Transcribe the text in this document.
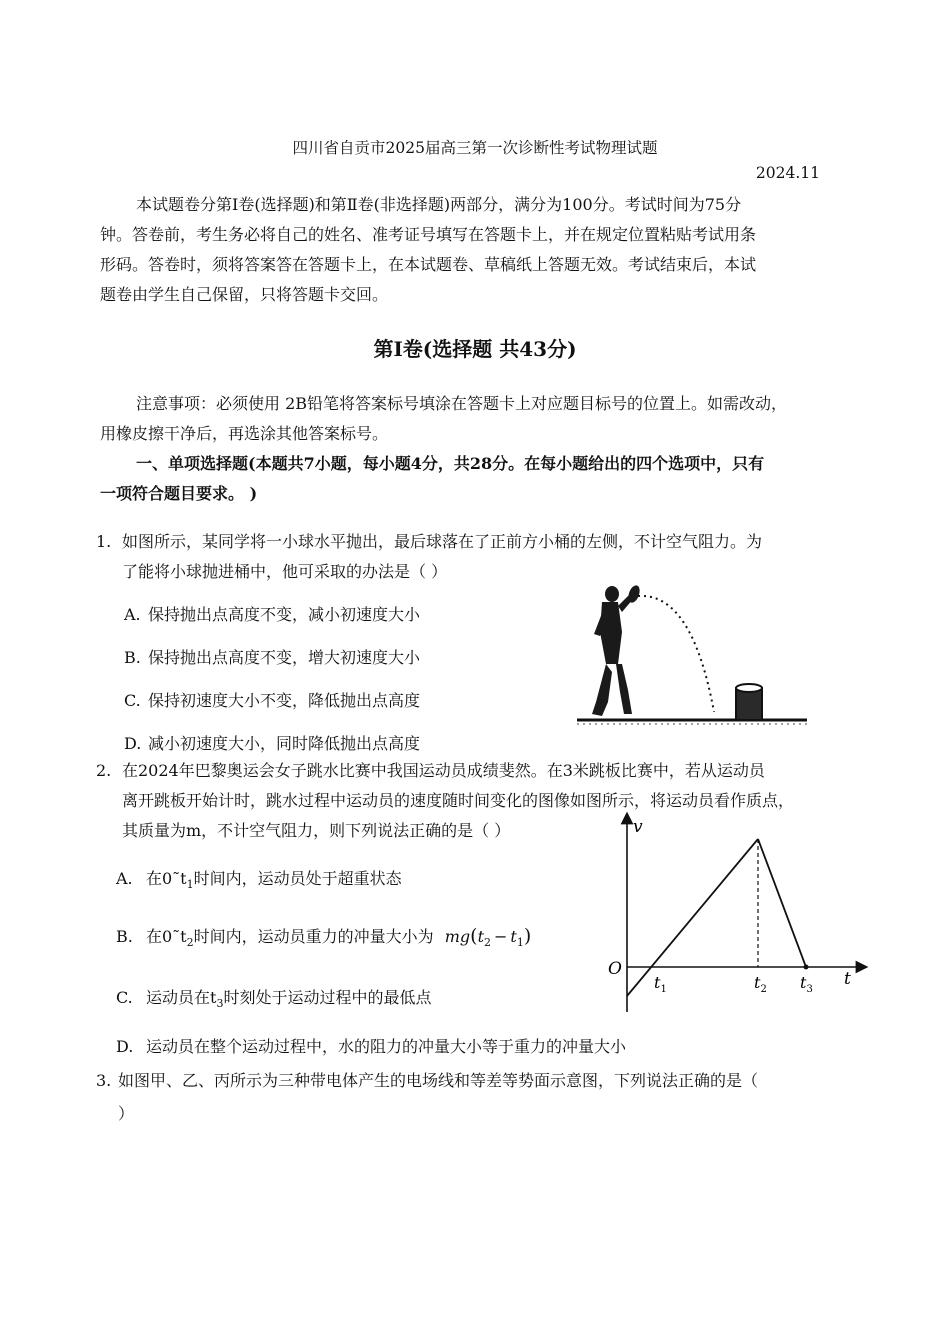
四川省自贡市2025届高三第一次诊断性考试物理试题
2024.11
本试题卷分第Ⅰ卷(选择题)和第Ⅱ卷(非选择题)两部分，满分为100分。考试时间为75分
钟。答卷前，考生务必将自己的姓名、准考证号填写在答题卡上，并在规定位置粘贴考试用条
形码。答卷时，须将答案答在答题卡上，在本试题卷、草稿纸上答题无效。考试结束后，本试
题卷由学生自己保留，只将答题卡交回。
第Ⅰ卷(选择题 共43分)
注意事项：必须使用 2B铅笔将答案标号填涂在答题卡上对应题目标号的位置上。如需改动，
用橡皮擦干净后，再选涂其他答案标号。
一、单项选择题(本题共7小题，每小题4分，共28分。在每小题给出的四个选项中，只有
一项符合题目要求。 )
1. 如图所示，某同学将一小球水平抛出，最后球落在了正前方小桶的左侧，不计空气阻力。为
了能将小球抛进桶中，他可采取的办法是（ ）
A. 保持抛出点高度不变，减小初速度大小
B. 保持抛出点高度不变，增大初速度大小
C. 保持初速度大小不变，降低抛出点高度
D. 减小初速度大小，同时降低抛出点高度
2. 在2024年巴黎奥运会女子跳水比赛中我国运动员成绩斐然。在3米跳板比赛中，若从运动员
离开跳板开始计时，跳水过程中运动员的速度随时间变化的图像如图所示，将运动员看作质点，
其质量为m，不计空气阻力，则下列说法正确的是（ ）
A. 在$0˜t_1$时间内，运动员处于超重状态
B. 在$0˜t_2$时间内，运动员重力的冲量大小为 $mg(t_2 - t_1)$
C. 运动员在$t_3$时刻处于运动过程中的最低点
D. 运动员在整个运动过程中，水的阻力的冲量大小等于重力的冲量大小
v
t
O
$t_1$	$t_2$ $t_3$
3. 如图甲、乙、丙所示为三种带电体产生的电场线和等差等势面示意图，下列说法正确的是（
）
